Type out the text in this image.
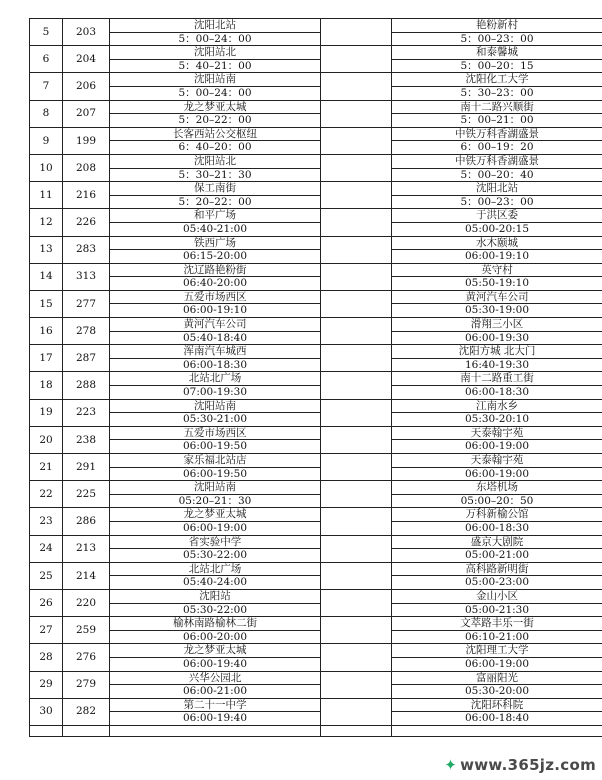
5	203	沈阳北站
5：00–24：00		艳粉新村
5：00–23：00

6	204	沈阳站北
5：40–21：00		和泰馨城
5：00–20：15

7	206	沈阳站南
5：00–24：00		沈阳化工大学
5：30–23：00

8	207	龙之梦亚太城
5：20–22：00		南十二路兴顺街
5：00–21：00

9	199	长客西站公交枢纽
6：40–20：00		中铁万科香湖盛景
6：00–19：20

10	208	沈阳站北
5：30–21：30		中铁万科香湖盛景
5：00–20：40

11	216	保工南街
5：20–22：00		沈阳北站
5：00–23：00

12	226	和平广场
05:40-21:00		于洪区委
05:00-20:15

13	283	铁西广场
06:15-20:00		水木颐城
06:00-19:10

14	313	沈辽路艳粉街
06:40-20:00		英守村
05:50-19:10

15	277	五爱市场西区
06:00-19:10		黄河汽车公司
05:30-19:00

16	278	黄河汽车公司
05:40-18:40		滑翔三小区
06:00-19:30

17	287	浑南汽车城西
06:00-18:30		沈阳方城 北大门
16:40-19:30

18	288	北站北广场
07:00-19:30		南十二路重工街
06:00-18:30

19	223	沈阳站南
05:30-21:00		江南水乡
05:30-20:10

20	238	五爱市场西区
06:00-19:50		天泰翰宇苑
06:00-19:00

21	291	家乐福北站店
06:00-19:50		天泰翰宇苑
06:00-19:00

22	225	沈阳站南
05:20–21：30		东塔机场
05:00–20：50

23	286	龙之梦亚太城
06:00-19:00		万科新榆公馆
06:00-18:30

24	213	省实验中学
05:30-22:00		盛京大剧院
05:00-21:00

25	214	北站北广场
05:40-24:00		高科路新明街
05:00-23:00

26	220	沈阳站
05:30-22:00		金山小区
05:00-21:30

27	259	榆林南路榆林二街
06:00-20:00		文萃路丰乐一街
06:10-21:00

28	276	龙之梦亚太城
06:00-19:40		沈阳理工大学
06:00-19:00

29	279	兴华公园北
06:00-21:00		富丽阳光
05:30-20:00

30	282	第二十一中学
06:00-19:40		沈阳环科院
06:00-18:40

✦ www.365jz.com
